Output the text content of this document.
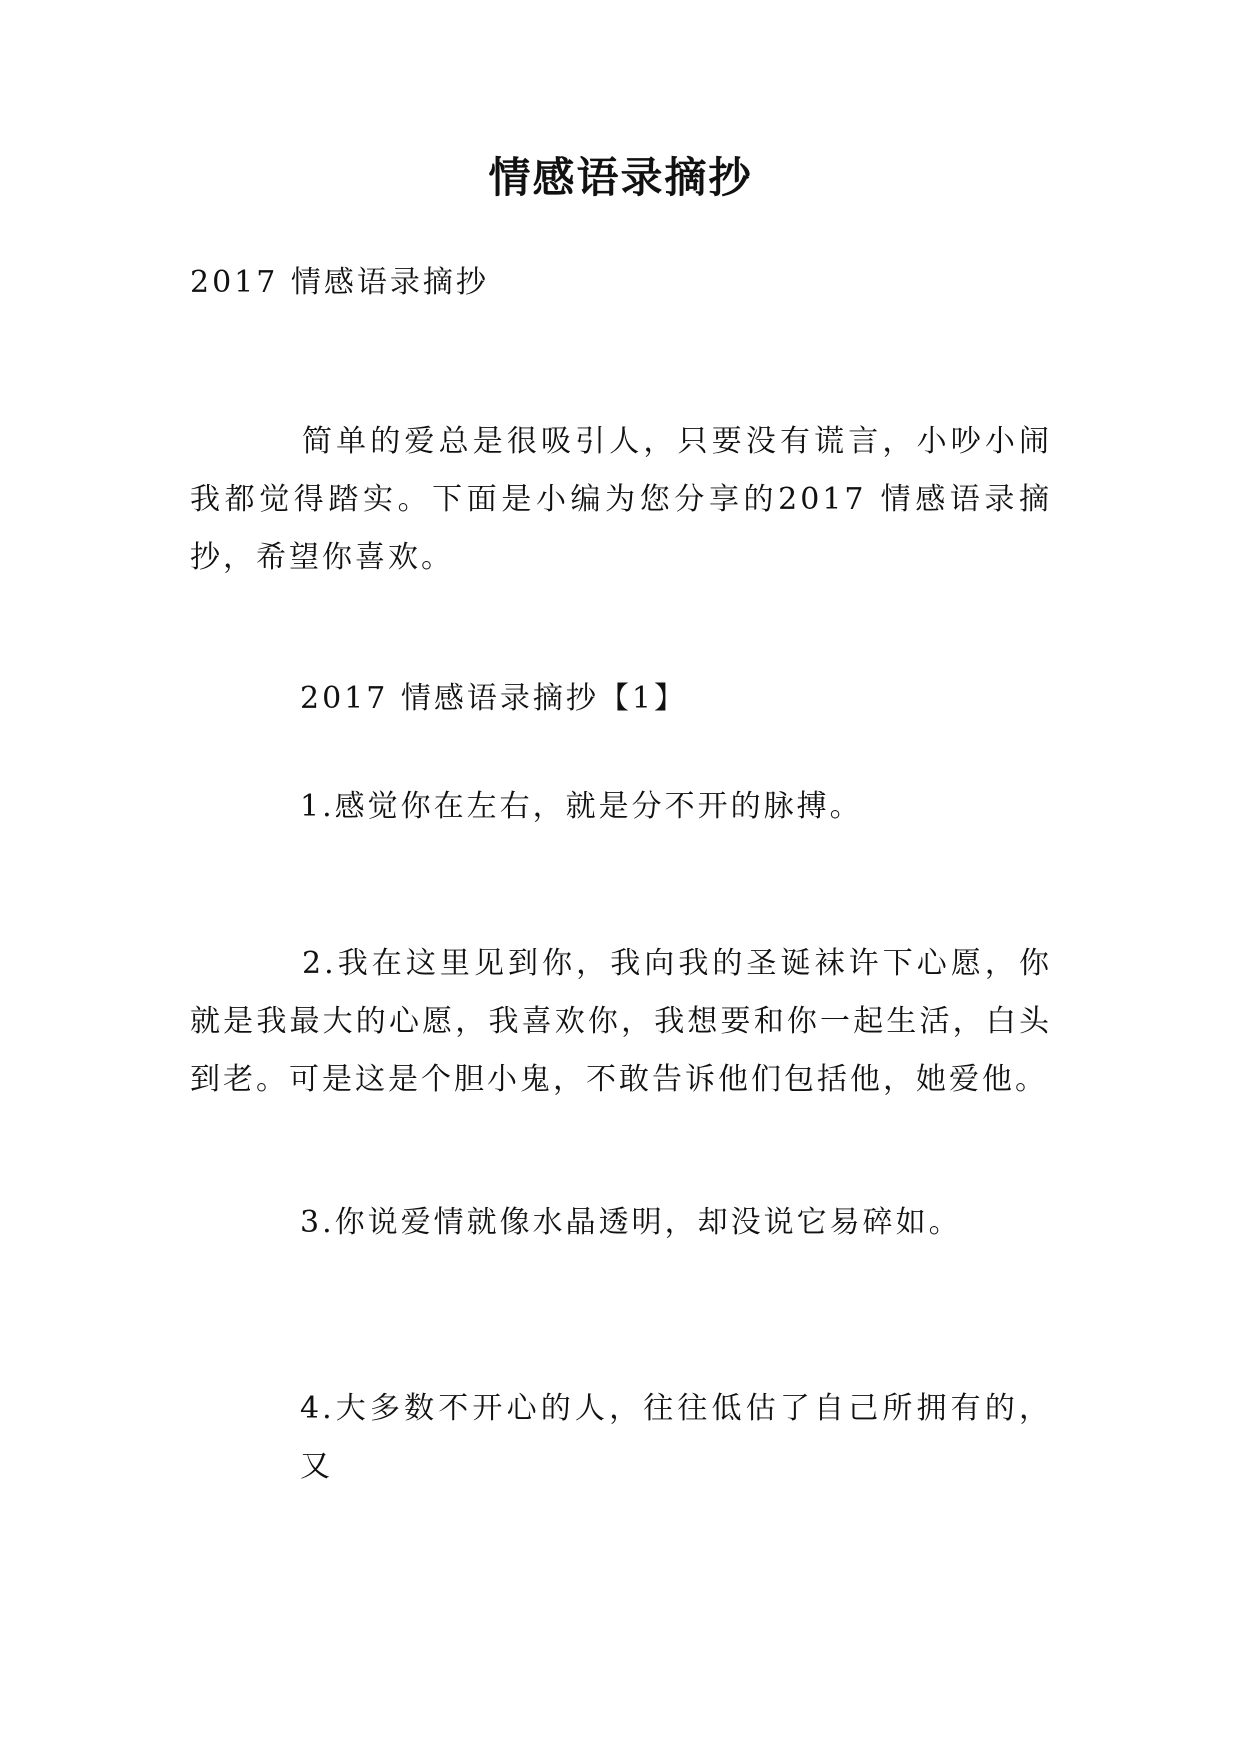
情感语录摘抄

2017 情感语录摘抄

简单的爱总是很吸引人，只要没有谎言，小吵小闹我都觉得踏实。下面是小编为您分享的2017 情感语录摘抄，希望你喜欢。

2017 情感语录摘抄【1】

1.感觉你在左右，就是分不开的脉搏。

2.我在这里见到你，我向我的圣诞袜许下心愿，你就是我最大的心愿，我喜欢你，我想要和你一起生活，白头到老。可是这是个胆小鬼，不敢告诉他们包括他，她爱他。

3.你说爱情就像水晶透明，却没说它易碎如。

4.大多数不开心的人，往往低估了自己所拥有的，又
